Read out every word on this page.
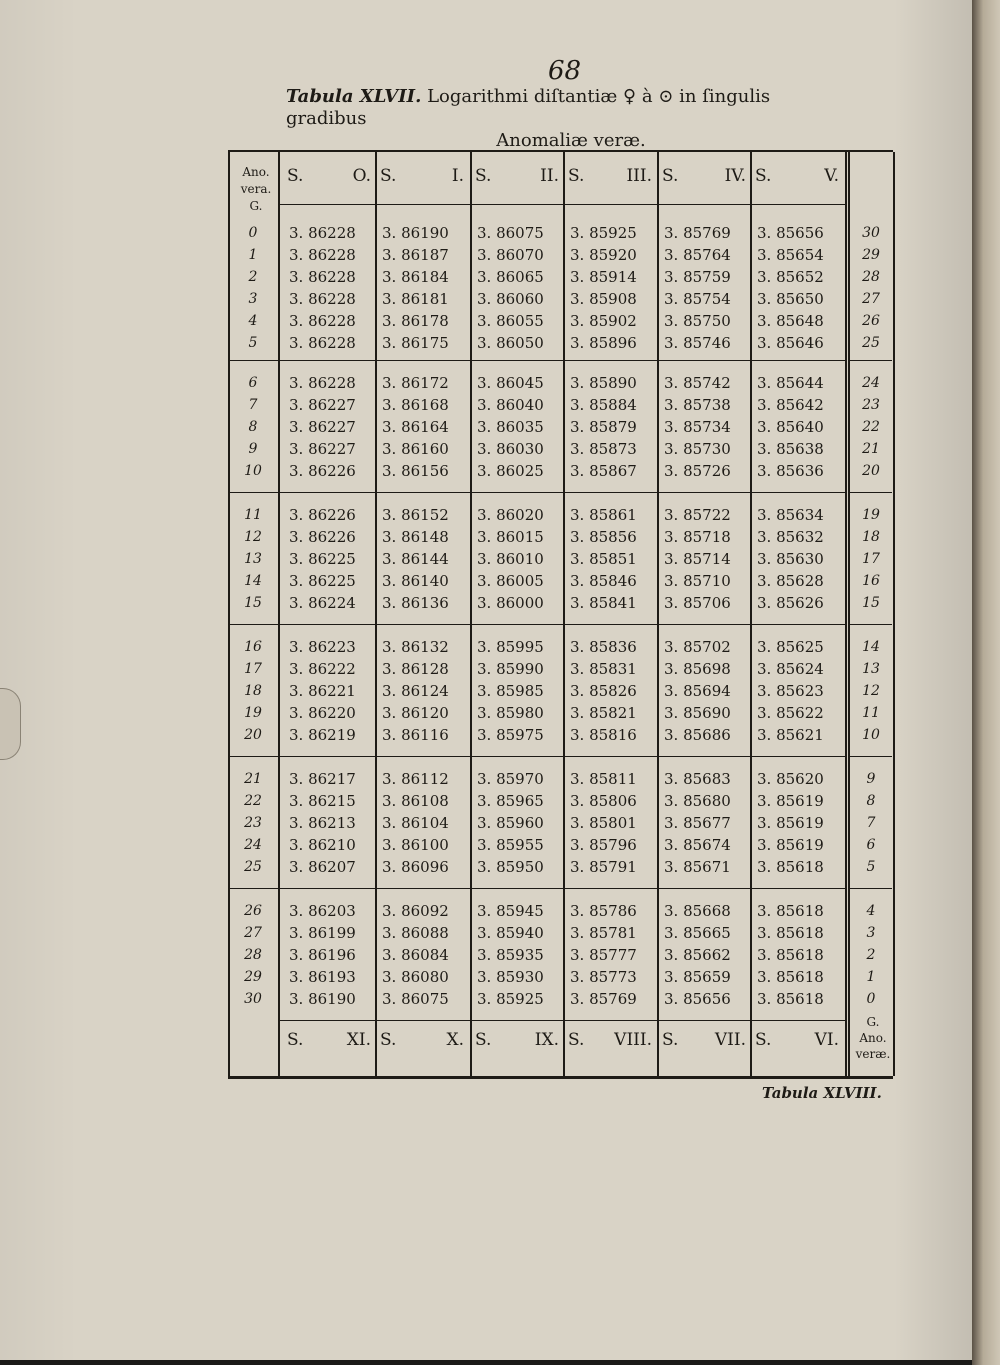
68
Tabula XLVII. Logarithmi diſtantiæ ♀ à ⊙ in ſingulis gradibus
Anomaliæ veræ.
Ano.
vera.
G.
G.
Ano.
veræ.
S.	O. S.	I. S.	II. S. III. S.	IV. S.	V.
S.	XI. S.	X. S.	IX. S. VIII. S. VII. S.	VI.
0	3. 86228 3. 86190 3. 86075 3. 85925 3. 85769 3. 85656	30
1	3. 86228 3. 86187 3. 86070 3. 85920 3. 85764 3. 85654	29
2	3. 86228 3. 86184 3. 86065 3. 85914 3. 85759 3. 85652	28
3	3. 86228 3. 86181 3. 86060 3. 85908 3. 85754 3. 85650	27
4	3. 86228 3. 86178 3. 86055 3. 85902 3. 85750 3. 85648	26
5	3. 86228 3. 86175 3. 86050 3. 85896 3. 85746 3. 85646	25
6	3. 86228 3. 86172 3. 86045 3. 85890 3. 85742 3. 85644	24
7	3. 86227 3. 86168 3. 86040 3. 85884 3. 85738 3. 85642	23
8	3. 86227 3. 86164 3. 86035 3. 85879 3. 85734 3. 85640	22
9	3. 86227 3. 86160 3. 86030 3. 85873 3. 85730 3. 85638	21
10	3. 86226 3. 86156 3. 86025 3. 85867 3. 85726 3. 85636	20
11	3. 86226 3. 86152 3. 86020 3. 85861 3. 85722 3. 85634	19
12	3. 86226 3. 86148 3. 86015 3. 85856 3. 85718 3. 85632	18
13	3. 86225 3. 86144 3. 86010 3. 85851 3. 85714 3. 85630	17
14	3. 86225 3. 86140 3. 86005 3. 85846 3. 85710 3. 85628	16
15	3. 86224 3. 86136 3. 86000 3. 85841 3. 85706 3. 85626	15
16	3. 86223 3. 86132 3. 85995 3. 85836 3. 85702 3. 85625	14
17	3. 86222 3. 86128 3. 85990 3. 85831 3. 85698 3. 85624	13
18	3. 86221 3. 86124 3. 85985 3. 85826 3. 85694 3. 85623	12
19	3. 86220 3. 86120 3. 85980 3. 85821 3. 85690 3. 85622	11
20	3. 86219 3. 86116 3. 85975 3. 85816 3. 85686 3. 85621	10
21	3. 86217 3. 86112 3. 85970 3. 85811 3. 85683 3. 85620	9
22	3. 86215 3. 86108 3. 85965 3. 85806 3. 85680 3. 85619	8
23	3. 86213 3. 86104 3. 85960 3. 85801 3. 85677 3. 85619	7
24	3. 86210 3. 86100 3. 85955 3. 85796 3. 85674 3. 85619	6
25	3. 86207 3. 86096 3. 85950 3. 85791 3. 85671 3. 85618	5
26	3. 86203 3. 86092 3. 85945 3. 85786 3. 85668 3. 85618	4
27	3. 86199 3. 86088 3. 85940 3. 85781 3. 85665 3. 85618	3
28	3. 86196 3. 86084 3. 85935 3. 85777 3. 85662 3. 85618	2
29	3. 86193 3. 86080 3. 85930 3. 85773 3. 85659 3. 85618	1
30	3. 86190 3. 86075 3. 85925 3. 85769 3. 85656 3. 85618	0
Tabula XLVIII.
